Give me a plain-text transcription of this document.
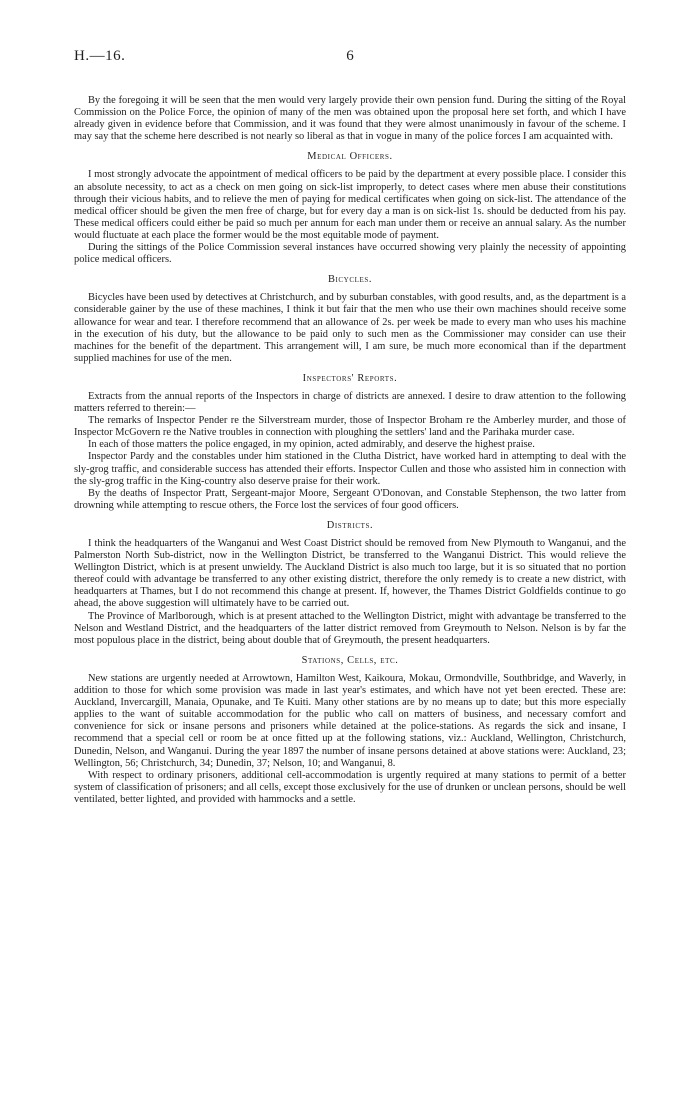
H.—16.	6

By the foregoing it will be seen that the men would very largely provide their own pension fund. During the sitting of the Royal Commission on the Police Force, the opinion of many of the men was obtained upon the proposal here set forth, and which I have already given in evidence before that Commission, and it was found that they were almost unanimously in favour of the scheme. I may say that the scheme here described is not nearly so liberal as that in vogue in many of the police forces I am acquainted with.

Medical Officers.

I most strongly advocate the appointment of medical officers to be paid by the department at every possible place. I consider this an absolute necessity, to act as a check on men going on sick-list improperly, to detect cases where men abuse their constitutions through their vicious habits, and to relieve the men of paying for medical certificates when going on sick-list. The attendance of the medical officer should be given the men free of charge, but for every day a man is on sick-list 1s. should be deducted from his pay. These medical officers could either be paid so much per annum for each man under them or receive an annual salary. As the number would fluctuate at each place the former would be the most equitable mode of payment.

During the sittings of the Police Commission several instances have occurred showing very plainly the necessity of appointing police medical officers.

Bicycles.

Bicycles have been used by detectives at Christchurch, and by suburban constables, with good results, and, as the department is a considerable gainer by the use of these machines, I think it but fair that the men who use their own machines should receive some allowance for wear and tear. I therefore recommend that an allowance of 2s. per week be made to every man who uses his machine in the execution of his duty, but the allowance to be paid only to such men as the Commissioner may consider can use their machines for the benefit of the department. This arrangement will, I am sure, be much more economical than if the department supplied machines for use of the men.

Inspectors' Reports.

Extracts from the annual reports of the Inspectors in charge of districts are annexed. I desire to draw attention to the following matters referred to therein:—

The remarks of Inspector Pender re the Silverstream murder, those of Inspector Broham re the Amberley murder, and those of Inspector McGovern re the Native troubles in connection with ploughing the settlers' land and the Parihaka murder case.

In each of those matters the police engaged, in my opinion, acted admirably, and deserve the highest praise.

Inspector Pardy and the constables under him stationed in the Clutha District, have worked hard in attempting to deal with the sly-grog traffic, and considerable success has attended their efforts. Inspector Cullen and those who assisted him in connection with the sly-grog traffic in the King-country also deserve praise for their work.

By the deaths of Inspector Pratt, Sergeant-major Moore, Sergeant O'Donovan, and Constable Stephenson, the two latter from drowning while attempting to rescue others, the Force lost the services of four good officers.

Districts.

I think the headquarters of the Wanganui and West Coast District should be removed from New Plymouth to Wanganui, and the Palmerston North Sub-district, now in the Wellington District, be transferred to the Wanganui District. This would relieve the Wellington District, which is at present unwieldy. The Auckland District is also much too large, but it is so situated that no portion thereof could with advantage be transferred to any other existing district, therefore the only remedy is to create a new district, with headquarters at Thames, but I do not recommend this change at present. If, however, the Thames District Goldfields continue to go ahead, the above suggestion will ultimately have to be carried out.

The Province of Marlborough, which is at present attached to the Wellington District, might with advantage be transferred to the Nelson and Westland District, and the headquarters of the latter district removed from Greymouth to Nelson. Nelson is by far the most populous place in the district, being about double that of Greymouth, the present headquarters.

Stations, Cells, etc.

New stations are urgently needed at Arrowtown, Hamilton West, Kaikoura, Mokau, Ormondville, Southbridge, and Waverly, in addition to those for which some provision was made in last year's estimates, and which have not yet been erected. These are: Auckland, Invercargill, Manaia, Opunake, and Te Kuiti. Many other stations are by no means up to date; but this more especially applies to the want of suitable accommodation for the public who call on matters of business, and necessary comfort and convenience for sick or insane persons and prisoners while detained at the police-stations. As regards the sick and insane, I recommend that a special cell or room be at once fitted up at the following stations, viz.: Auckland, Wellington, Christchurch, Dunedin, Nelson, and Wanganui. During the year 1897 the number of insane persons detained at above stations were: Auckland, 23; Wellington, 56; Christchurch, 34; Dunedin, 37; Nelson, 10; and Wanganui, 8.

With respect to ordinary prisoners, additional cell-accommodation is urgently required at many stations to permit of a better system of classification of prisoners; and all cells, except those exclusively for the use of drunken or unclean persons, should be well ventilated, better lighted, and provided with hammocks and a settle.
